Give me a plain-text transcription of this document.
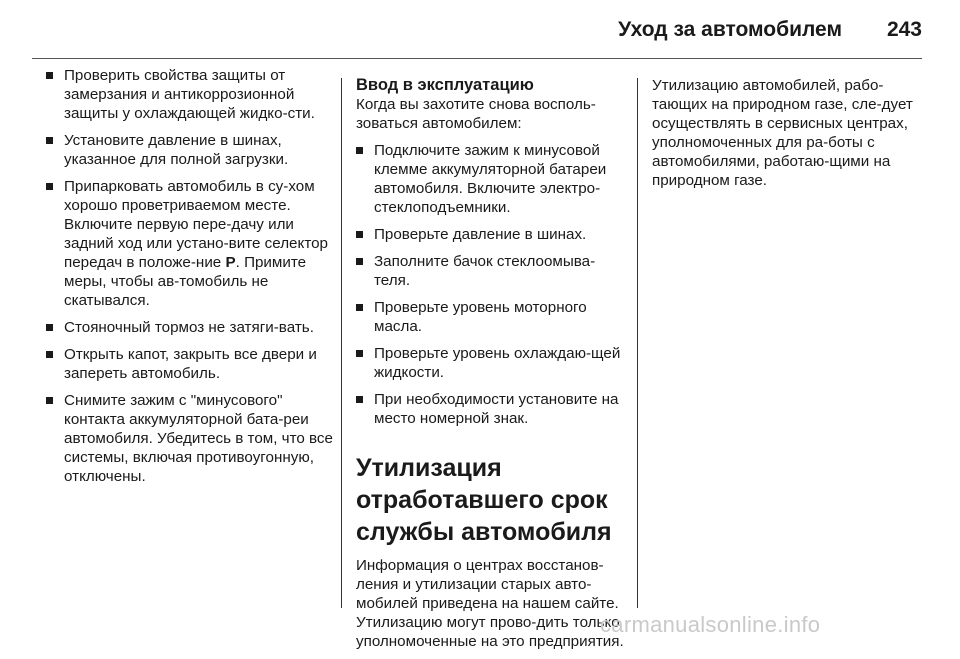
Уход за автомобилем 243
Проверить свойства защиты от замерзания и антикоррозионной защиты у охлаждающей жидко-сти.
Установите давление в шинах, указанное для полной загрузки.
Припарковать автомобиль в су-хом хорошо проветриваемом месте. Включите первую пере-дачу или задний ход или устано-вите селектор передач в положе-ние P. Примите меры, чтобы ав-томобиль не скатывался.
Стояночный тормоз не затяги-вать.
Открыть капот, закрыть все двери и запереть автомобиль.
Снимите зажим с "минусового" контакта аккумуляторной бата-реи автомобиля. Убедитесь в том, что все системы, включая противоугонную, отключены.
Ввод в эксплуатацию

Когда вы захотите снова восполь-зоваться автомобилем:

Подключите зажим к минусовой клемме аккумуляторной батареи автомобиля. Включите электро-стеклоподъемники.
Проверьте давление в шинах.
Заполните бачок стеклоомыва-теля.
Проверьте уровень моторного масла.
Проверьте уровень охлаждаю-щей жидкости.
При необходимости установите на место номерной знак.
Утилизация отработавшего срок службы автомобиля

Информация о центрах восстанов-ления и утилизации старых авто-мобилей приведена на нашем сайте. Утилизацию могут прово-дить только уполномоченные на это предприятия.

Утилизацию автомобилей, рабо-тающих на природном газе, сле-дует осуществлять в сервисных центрах, уполномоченных для ра-боты с автомобилями, работаю-щими на природном газе.

carmanualsonline.info
